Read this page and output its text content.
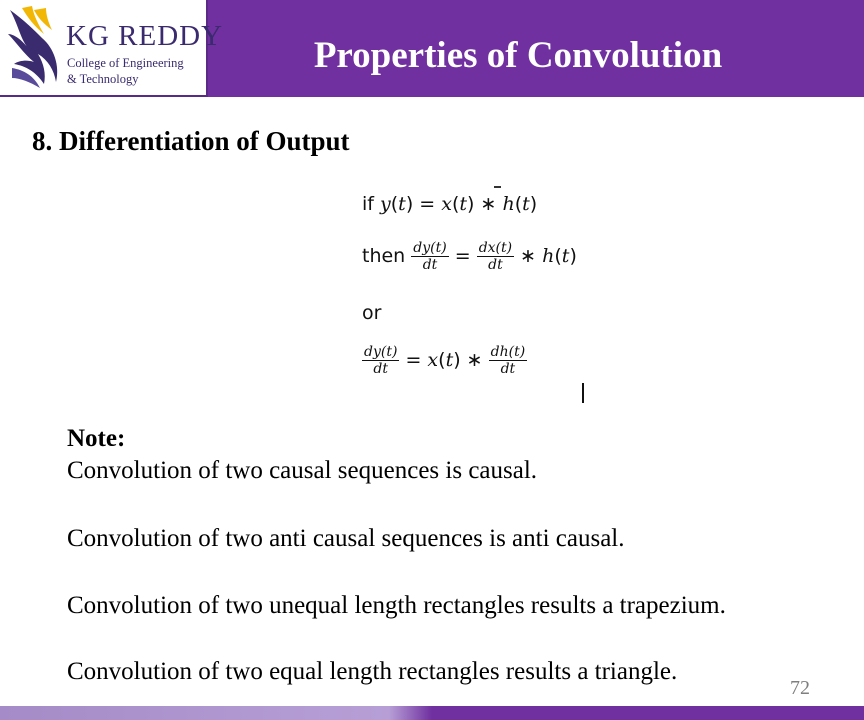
KG REDDY
College of Engineering
& Technology
Properties of Convolution
8. Differentiation of Output
if y(t) = x(t) ∗ h(t)
then $\frac{dy(t)}{dt} = \frac{dx(t)}{dt}$ ∗ h(t)
or
$\frac{dy(t)}{dt} = x(t)$ ∗ $\frac{dh(t)}{dt}$
Note:
Convolution of two causal sequences is causal.
Convolution of two anti causal sequences is anti causal.
Convolution of two unequal length rectangles results a trapezium.
Convolution of two equal length rectangles results a triangle.
72
